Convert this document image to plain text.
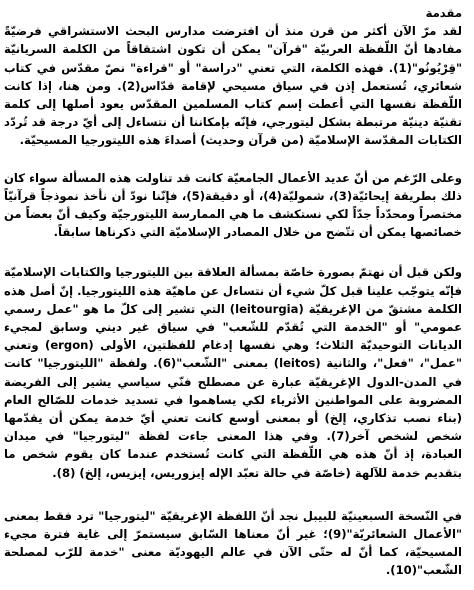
مقدمة

لقد مرّ الآن أكثر من قرن منذ أن افترضت مدارس البحث الاستشراقي فرضيّةً مفادها أنّ اللّفظة العربيّة "قرآن" يمكن أن تكون اشتقاقاً من الكلمة السريانيّة "قِرْيُونُو"(1). فهذه الكلمة، التي تعني "دراسة" أو "قراءة" نصّ مقدّس في كتاب شعائري، تُستعمل إذن في سياق مسيحي لإقامة قدّاس(2). ومن هنا، إذا كانت اللّفظة نفسها التي أعطت إسم كتاب المسلمين المقدّس يعود أصلها إلى كلمة تقنيّة دينيّة مرتبطة بشكل ليتورجي، فإنّه بإمكاننا أن نتساءل إلى أيّ درجة قد تُردّد الكتابات المقدّسة الإسلاميّة (من قرآن وحديث) أصداءَ هذه الليتورجيا المسيحيّة.

وعلى الرّغم من أنّ عديد الأعمال الجامعيّة كانت قد تناولت هذه المسألة سواء كان ذلك بطريقة إيحائيّة(3)، شموليّة(4)، أو دقيقة(5)، فإنّنا نودّ أن نأخذ نموذجاً قرآنيّاً مختصراً ومحدّداً جدّاً لكي نستكشف ما هي الممارسة الليتورجيّة وكيف أنّ بعضاً من خصائصها يمكن أن تتّضح من خلال المصادر الإسلاميّة التي ذكرناها سابقاً.

ولكن قبل أن نهتمّ بصورة خاصّة بمسألة العلاقة بين الليتورجيا والكتابات الإسلاميّة فإنّه يتوجّب علينا قبل كلّ شيء أن نتساءل عن ماهيّة هذه الليتورجيا. إنّ أصل هذه الكلمة مشتقّ من الإغريقيّة (leitourgia) التي تشير إلى كلّ ما هو "عمل رسمي عمومي" أو "الخدمة التي تُقدّم للشّعب" في سياق غير ديني وسابق لمجيء الديانات التوحيديّة الثلاث؛ وهي نفسها إدغام للفظتين، الأولى (ergon) وتعني "عمل"، "فعل"، والثانية (leitos) بمعنى "الشّعب"(6). ولفظة "الليتورجيا" كانت في المدن-الدول الإغريقيّة عبارة عن مصطلح فنّي سياسي يشير إلى الفريضة المضروبة على المواطنين الأثرياء لكي يساهموا في تسديد خدمات للصّالح العام (بناء نصب تذكاري، إلخ) أو بمعنى أوسع كانت تعني أيّ خدمة يمكن أن يقدّمها شخص لشخص آخر(7). وفي هذا المعنى جاءت لفظة "ليتورجيا" في ميدان العبادة، إذ أنّ هذه هي اللّفظة التي كانت تُستخدم عندما كان يقوم شخص ما بتقديم خدمة للآلهة (خاصّة في حالة تعبّد الإله إيزوريس، إيزيس، إلخ) (8).

في النّسخة السبعينيّة للبيبل نجد أنّ اللفظة الإغريقيّة "ليتورجيا" ترد فقط بمعنى "الأعمال الشعائريّة"(9)؛ غير أنّ معناها السّابق سيستمرّ إلى غاية فترة مجيء المسيحيّة، كما أنّ له حتّى الآن في عالم اليهوديّة معنى "خدمة للرّب لمصلحة الشّعب"(10).
